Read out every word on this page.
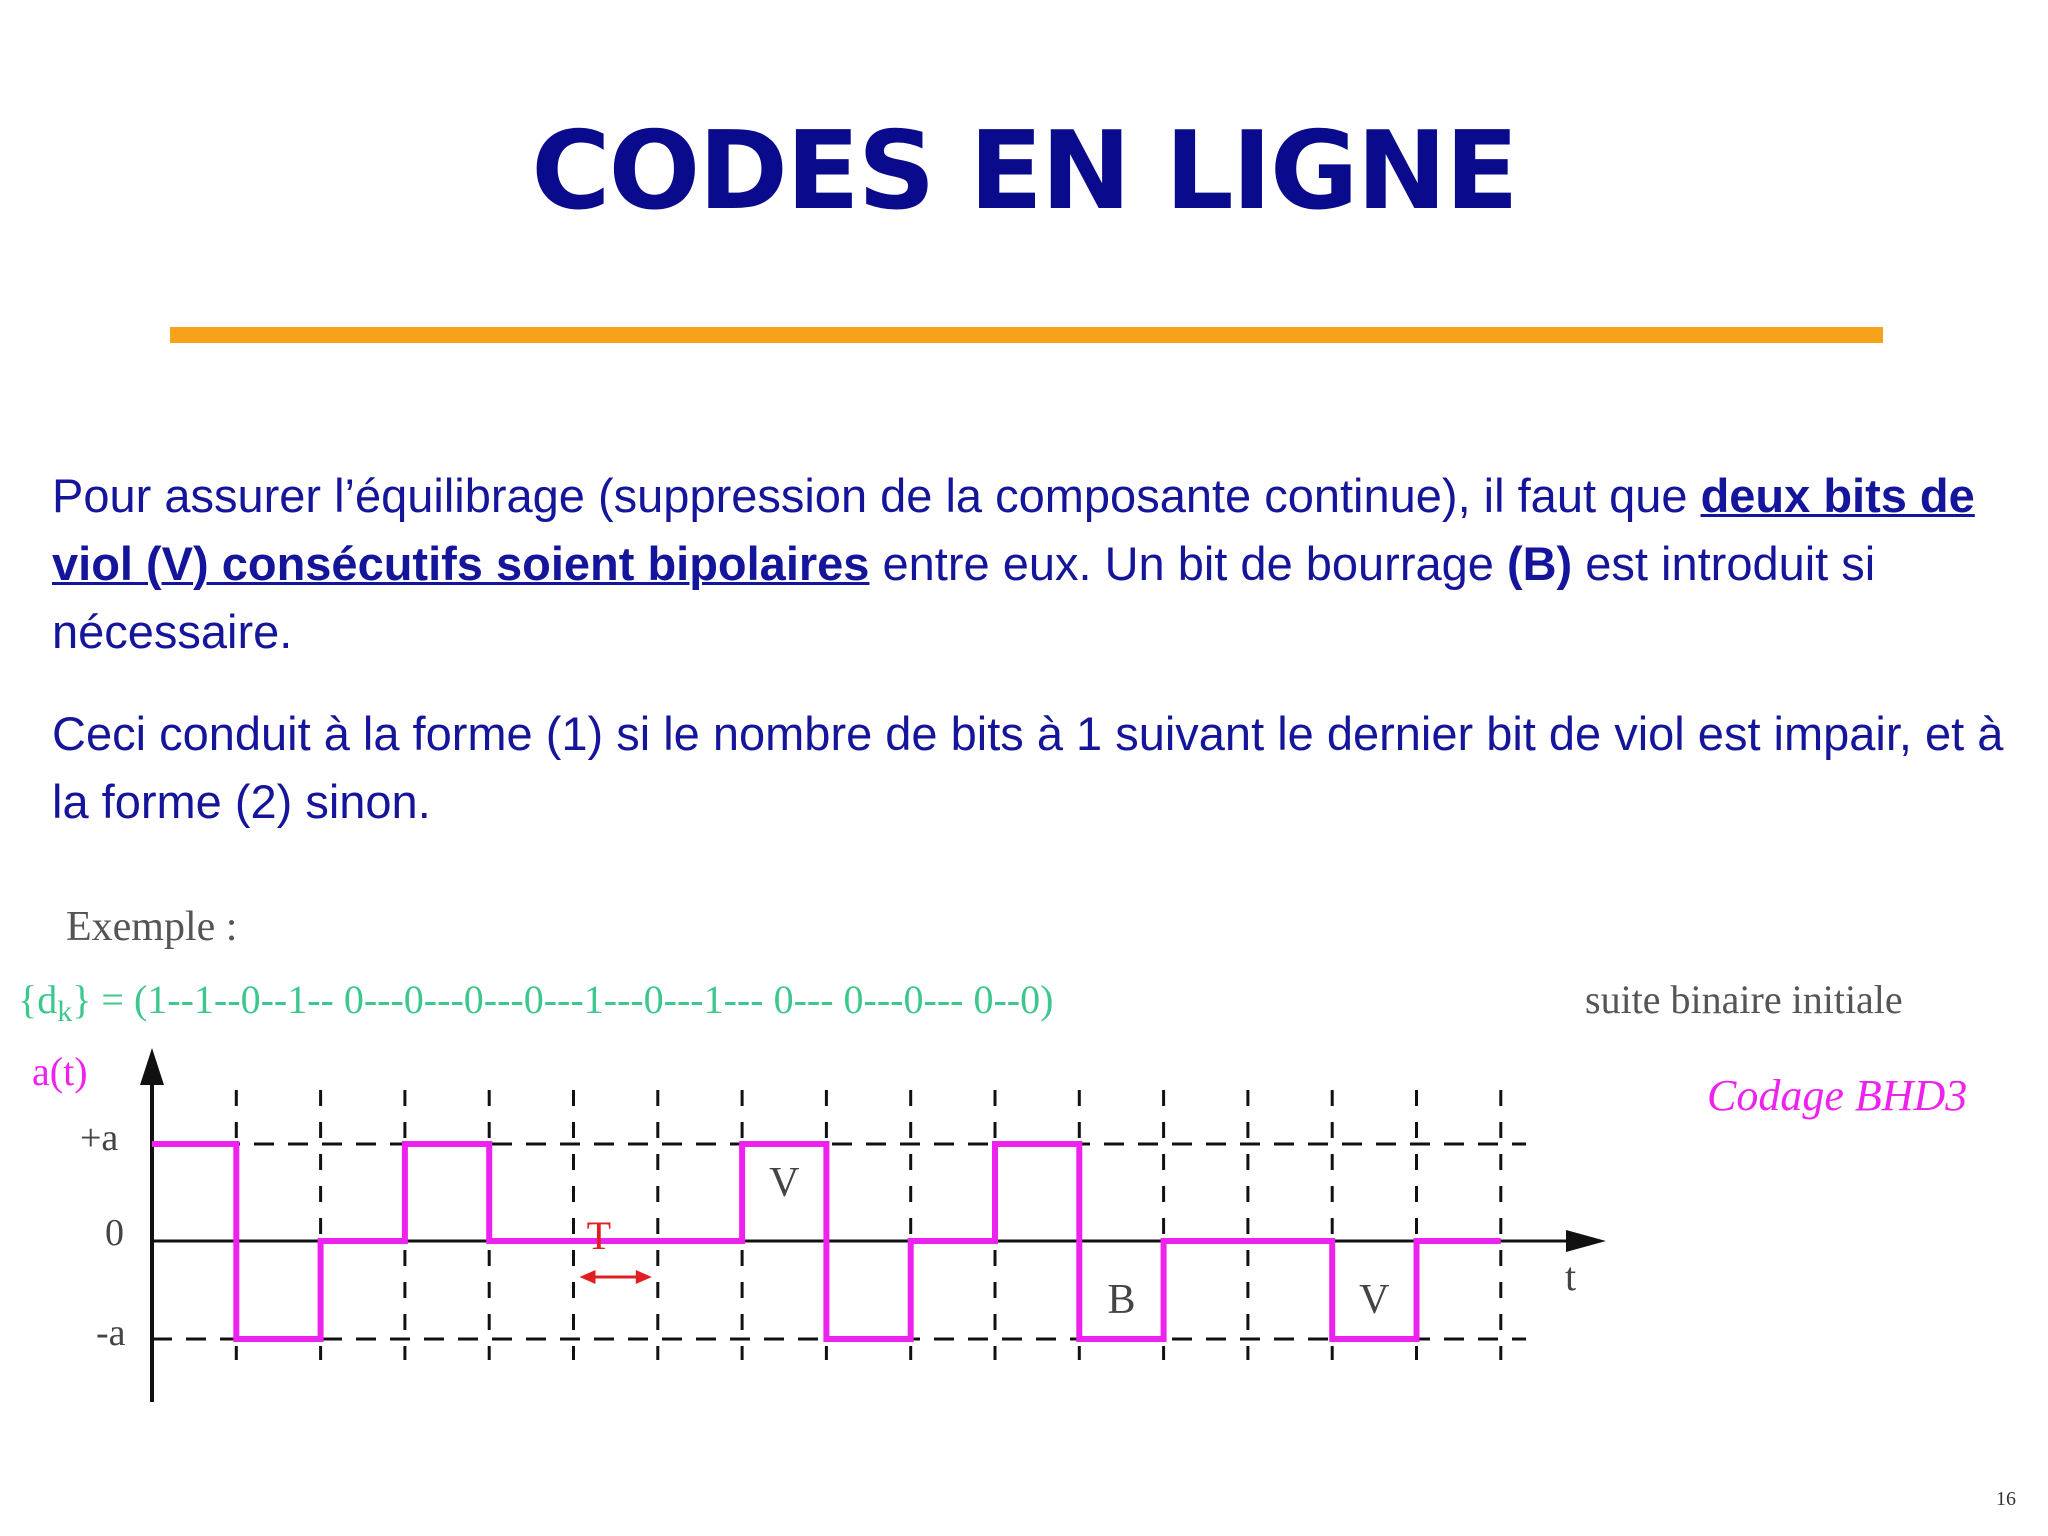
CODES EN LIGNE

Pour assurer l’équilibrage (suppression de la composante continue), il faut que deux bits de viol (V) consécutifs soient bipolaires entre eux. Un bit de bourrage (B) est introduit si nécessaire.

Ceci conduit à la forme (1) si le nombre de bits à 1 suivant le dernier bit de viol est impair, et à la forme (2) sinon.

Exemple :
$\{d_k\} = (1--1--0--1--$ 0---0---0---0---1---0---1--- 0--- 0---0--- 0--0)	suite binaire initiale
Codage BHD3
a(t)
+a
0
-a
t
T
V
B	V
16
